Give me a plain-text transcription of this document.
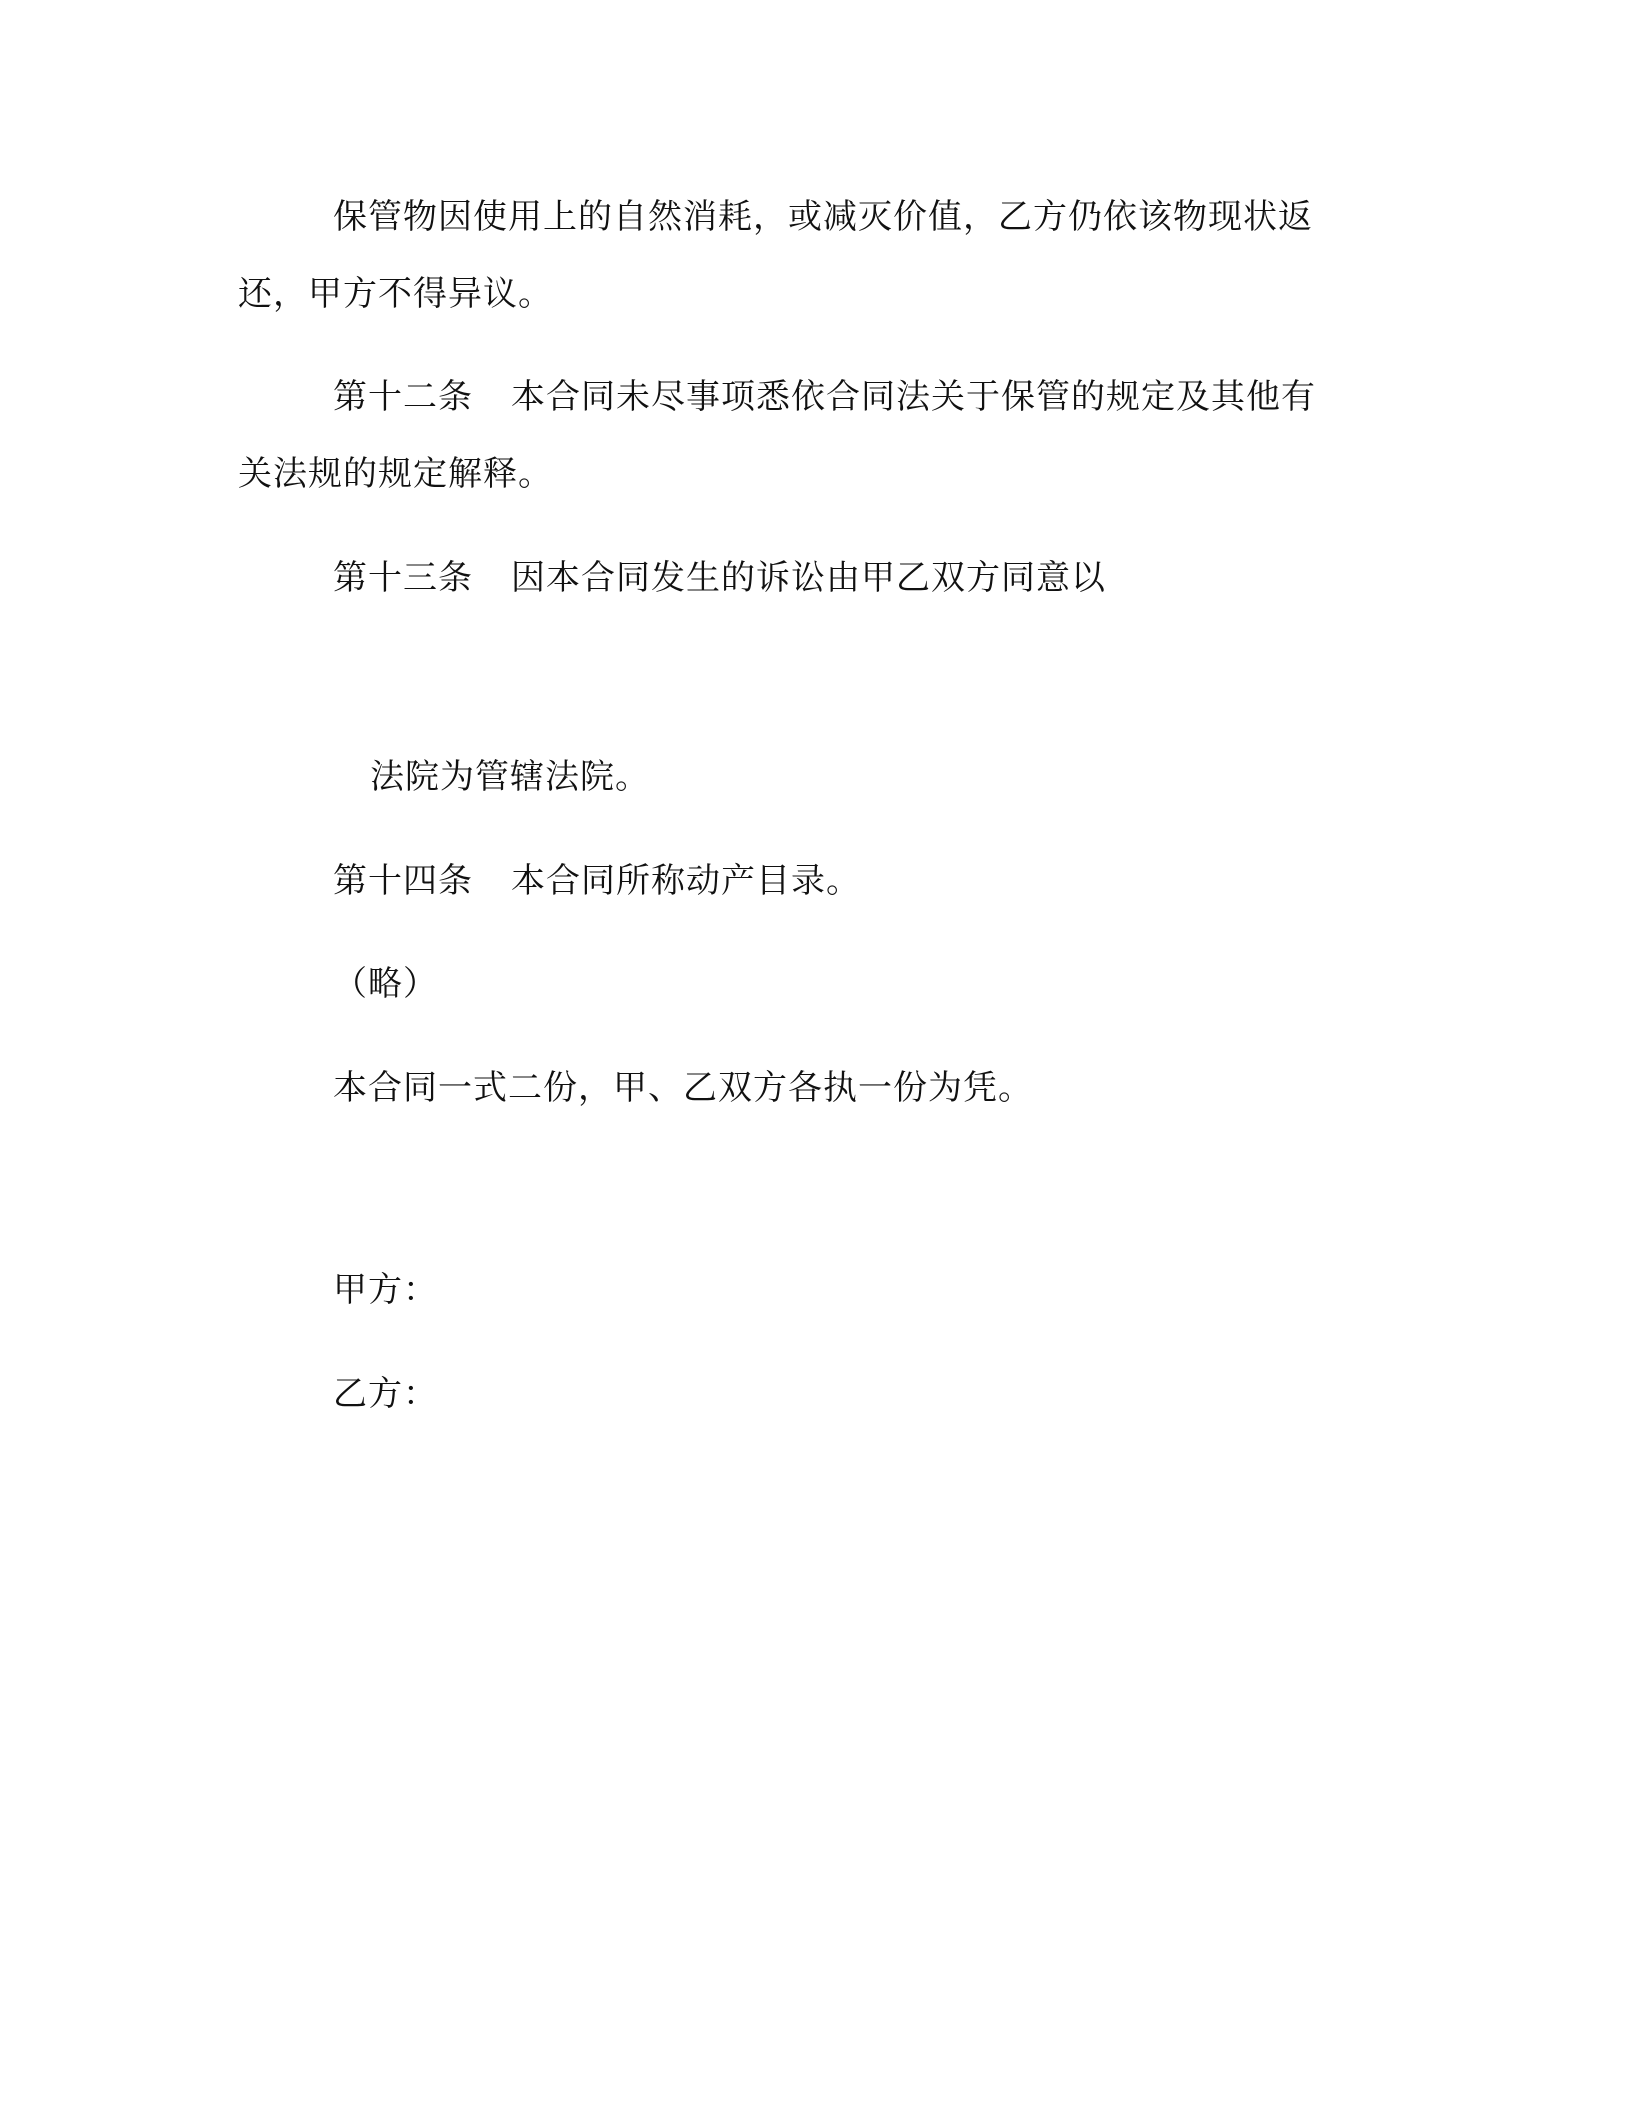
保管物因使用上的自然消耗，或减灭价值，乙方仍依该物现状返
还，甲方不得异议。
第十二条 本合同未尽事项悉依合同法关于保管的规定及其他有
关法规的规定解释。
第十三条 因本合同发生的诉讼由甲乙双方同意以
法院为管辖法院。
第十四条 本合同所称动产目录。
（略）
本合同一式二份，甲、乙双方各执一份为凭。
甲方：
乙方：
